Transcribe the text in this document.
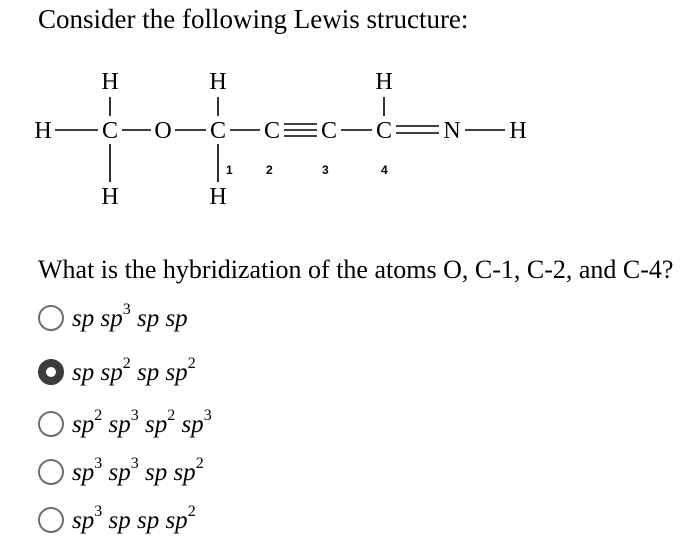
Consider the following Lewis structure:
H	H	H
H C O C C C C N H
1	2	3	4
H	H

What is the hybridization of the atoms O, C-1, C-2, and C-4?

sp $sp^3$ sp sp
sp $sp^2$ sp $sp^2$
$sp^2$ $sp^3$ $sp^2$ $sp^3$
$sp^3$ $sp^3$ sp $sp^2$
$sp^3$ sp sp $sp^2$
